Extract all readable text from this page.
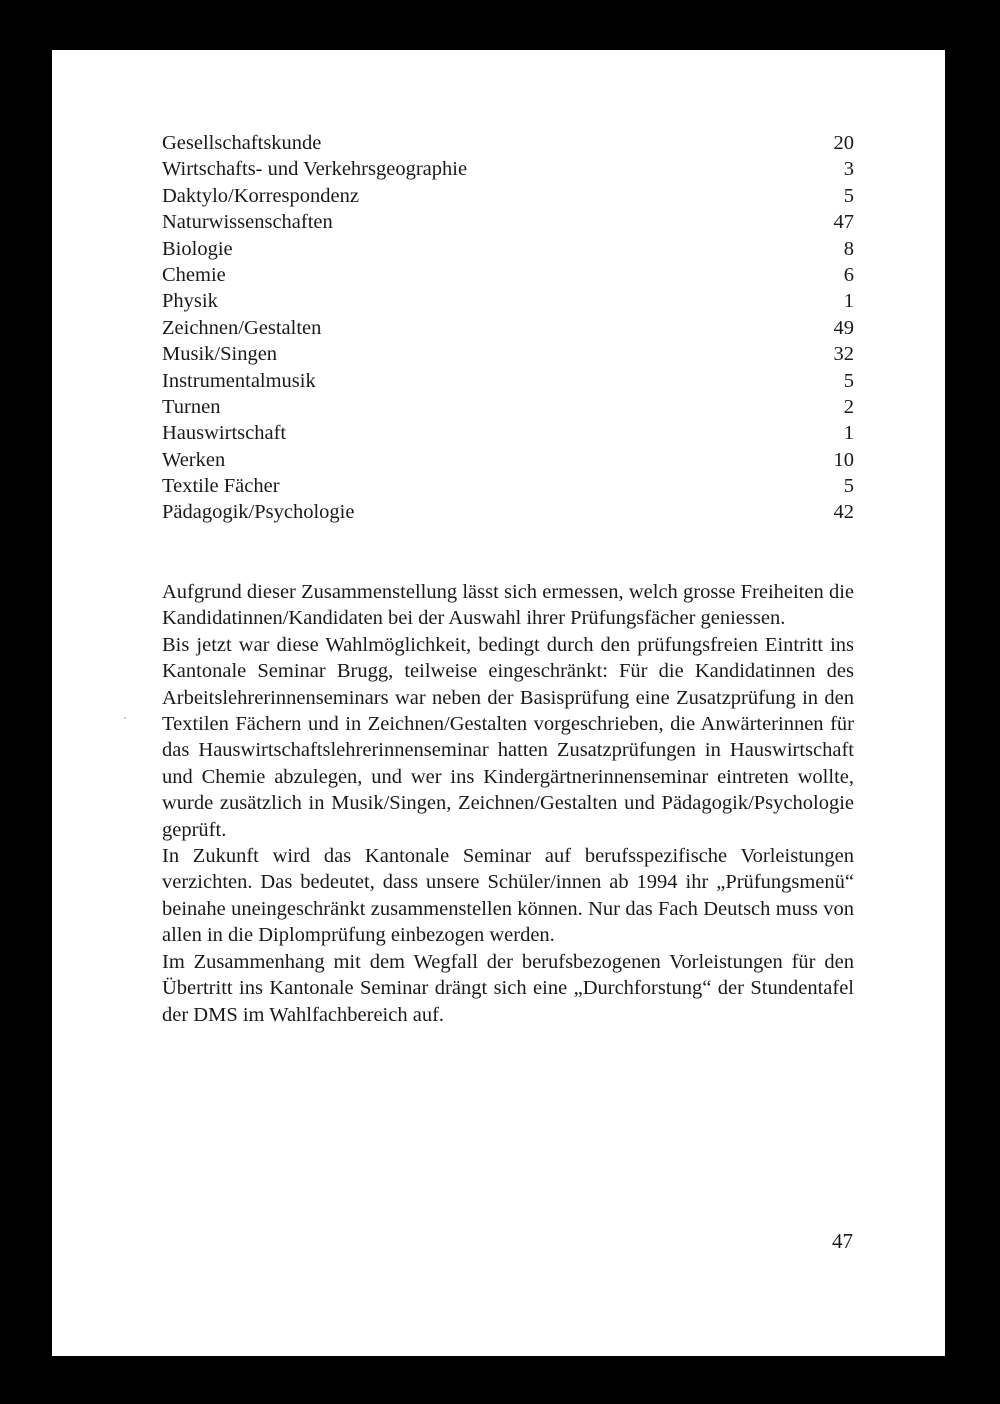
Gesellschaftskunde	20
Wirtschafts- und Verkehrsgeographie	3
Daktylo/Korrespondenz	5
Naturwissenschaften	47
Biologie	8
Chemie	6
Physik	1
Zeichnen/Gestalten	49
Musik/Singen	32
Instrumentalmusik	5
Turnen	2
Hauswirtschaft	1
Werken	10
Textile Fächer	5
Pädagogik/Psychologie	42

Aufgrund dieser Zusammenstellung lässt sich ermessen, welch grosse Freiheiten die Kandidatinnen/Kandidaten bei der Auswahl ihrer Prüfungsfächer geniessen.

Bis jetzt war diese Wahlmöglichkeit, bedingt durch den prüfungsfreien Eintritt ins Kantonale Seminar Brugg, teilweise eingeschränkt: Für die Kandidatinnen des Arbeitslehrerinnenseminars war neben der Basisprüfung eine Zusatzprüfung in den Textilen Fächern und in Zeichnen/Gestalten vorgeschrieben, die Anwärterinnen für das Hauswirtschaftslehrerinnenseminar hatten Zusatzprüfungen in Hauswirtschaft und Chemie abzulegen, und wer ins Kindergärtnerinnenseminar eintreten wollte, wurde zusätzlich in Musik/Singen, Zeichnen/Gestalten und Pädagogik/Psychologie geprüft.

In Zukunft wird das Kantonale Seminar auf berufsspezifische Vorleistungen verzichten. Das bedeutet, dass unsere Schüler/innen ab 1994 ihr „Prüfungsmenü“ beinahe uneingeschränkt zusammenstellen können. Nur das Fach Deutsch muss von allen in die Diplomprüfung einbezogen werden.

Im Zusammenhang mit dem Wegfall der berufsbezogenen Vorleistungen für den Übertritt ins Kantonale Seminar drängt sich eine „Durchforstung“ der Stundentafel der DMS im Wahlfachbereich auf.

47
